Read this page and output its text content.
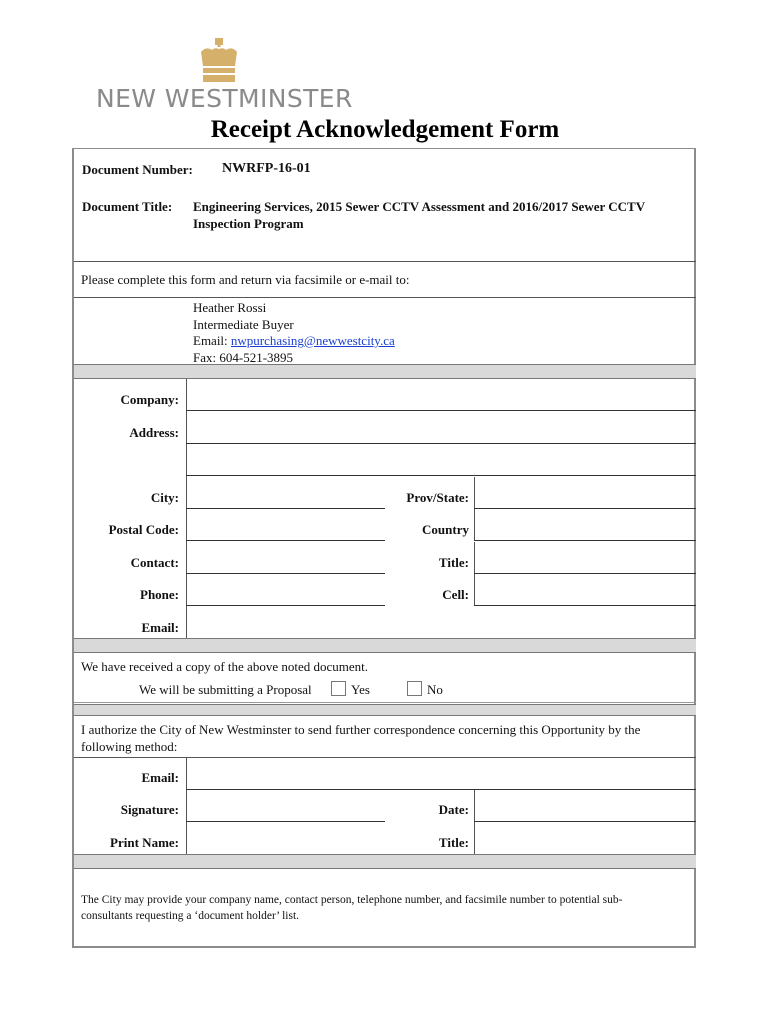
NEW WESTMINSTER
Receipt Acknowledgement Form
Document Number: NWRFP-16-01
Document Title: Engineering Services, 2015 Sewer CCTV Assessment and 2016/2017 Sewer CCTV
Inspection Program
Please complete this form and return via facsimile or e-mail to:
Heather Rossi
Intermediate Buyer
Email: nwpurchasing@newwestcity.ca
Fax: 604-521-3895
Company:
Address:
City:	Prov/State:
Postal Code:	Country
Contact:	Title:
Phone:	Cell:
Email:
We have received a copy of the above noted document.
We will be submitting a Proposal	Yes	No
I authorize the City of New Westminster to send further correspondence concerning this Opportunity by the
following method:
Email:
Signature:	Date:
Print Name:	Title:
The City may provide your company name, contact person, telephone number, and facsimile number to potential sub-
consultants requesting a ‘document holder’ list.
